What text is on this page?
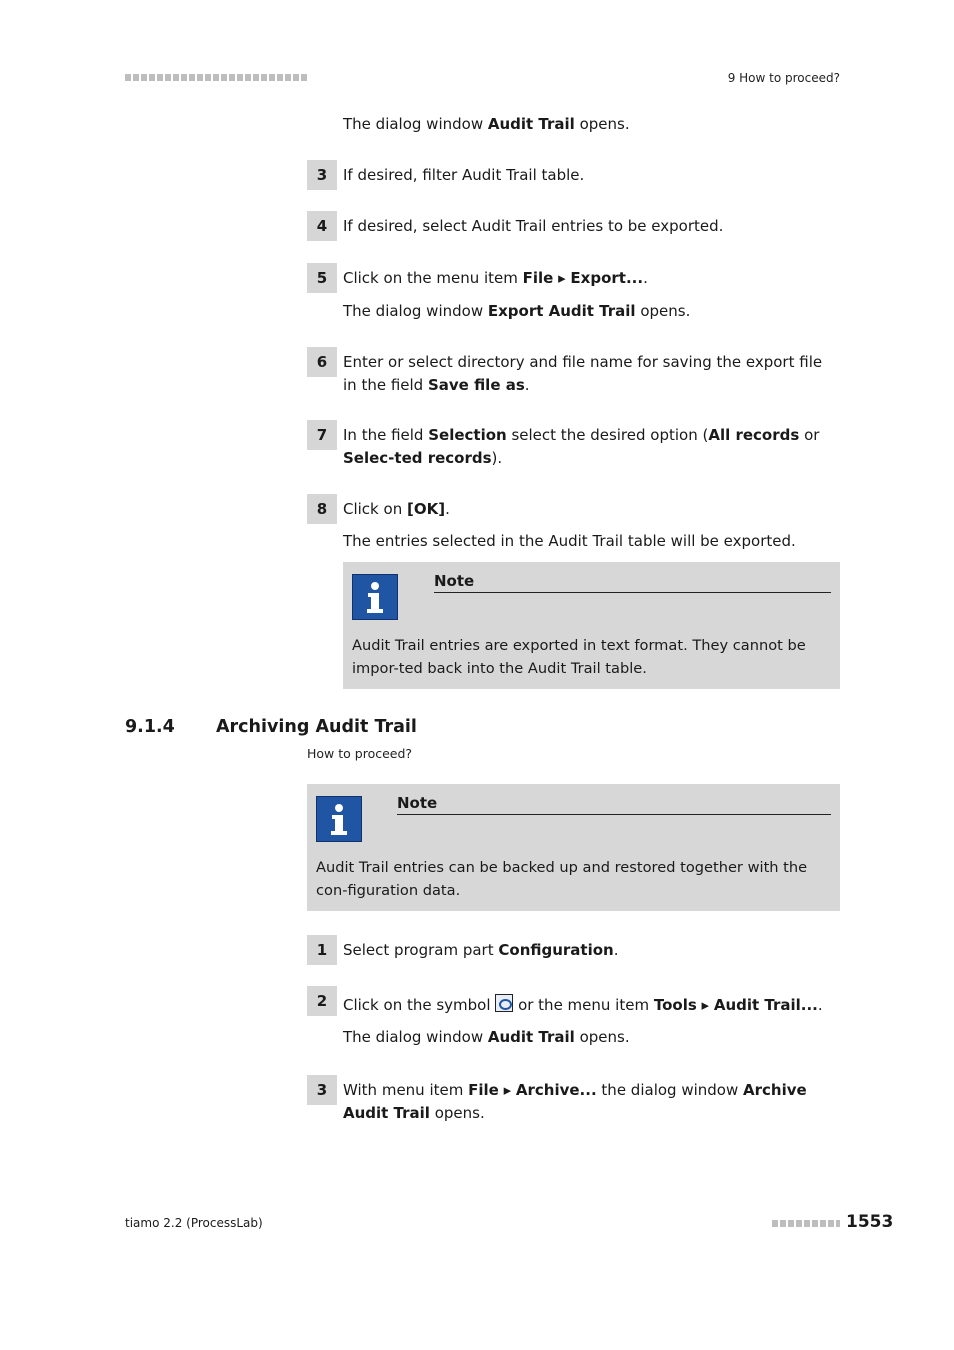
9 How to proceed?
The dialog window Audit Trail opens.
3	If desired, filter Audit Trail table.
4	If desired, select Audit Trail entries to be exported.
5	Click on the menu item File ▸ Export....
The dialog window Export Audit Trail opens.
6	Enter or select directory and file name for saving the export file in the field Save file as.
7	In the field Selection select the desired option (All records or Selec-ted records).
8	Click on [OK].
The entries selected in the Audit Trail table will be exported.
Note
Audit Trail entries are exported in text format. They cannot be impor-ted back into the Audit Trail table.
9.1.4 Archiving Audit Trail
How to proceed?
Note
Audit Trail entries can be backed up and restored together with the con-figuration data.
1	Select program part Configuration.
2	Click on the symbol  or the menu item Tools ▸ Audit Trail....
The dialog window Audit Trail opens.
3	With menu item File ▸ Archive... the dialog window Archive Audit Trail opens.
tiamo 2.2 (ProcessLab)	1553
